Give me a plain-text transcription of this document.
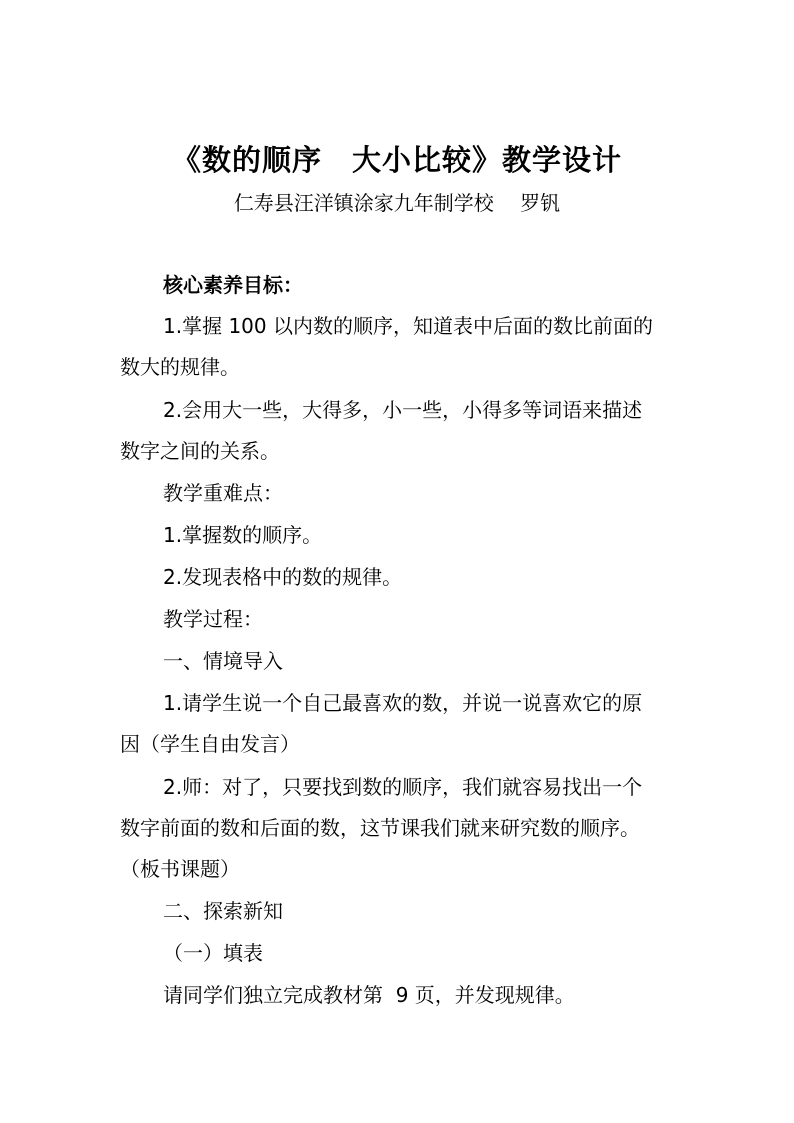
《数的顺序　大小比较》教学设计
仁寿县汪洋镇涂家九年制学校　 罗钒
核心素养目标：
1.掌握 100 以内数的顺序，知道表中后面的数比前面的
数大的规律。
2.会用大一些，大得多，小一些，小得多等词语来描述
数字之间的关系。
教学重难点：
1.掌握数的顺序。
2.发现表格中的数的规律。
教学过程：
一、情境导入
1.请学生说一个自己最喜欢的数，并说一说喜欢它的原
因（学生自由发言）
2.师：对了，只要找到数的顺序，我们就容易找出一个
数字前面的数和后面的数，这节课我们就来研究数的顺序。
（板书课题）
二、探索新知
（一）填表
请同学们独立完成教材第  9 页，并发现规律。
